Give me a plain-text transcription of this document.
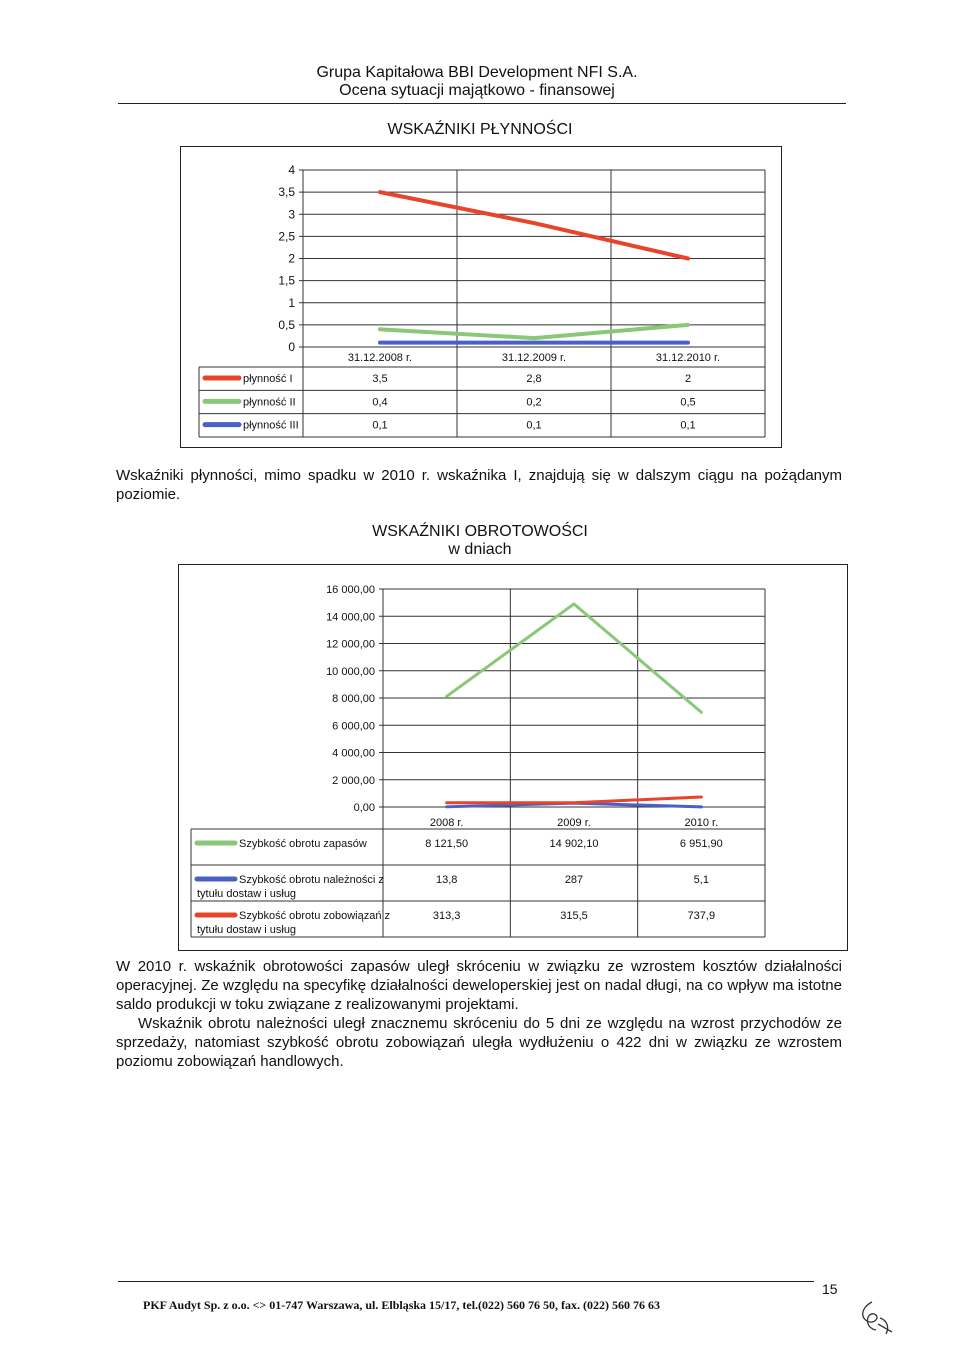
Grupa Kapitałowa BBI Development NFI S.A.
Ocena sytuacji majątkowo - finansowej
WSKAŹNIKI PŁYNNOŚCI
4
3,5
3
2,5
2
1,5
1
0,5
0
31.12.2008 r.	31.12.2009 r.	31.12.2010 r.
płynność I	3,5	2,8	2
płynność II	0,4	0,2	0,5
płynność III	0,1	0,1	0,1

Wskaźniki płynności, mimo spadku w 2010 r. wskaźnika I, znajdują się w dalszym ciągu na pożądanym poziomie.

WSKAŹNIKI OBROTOWOŚCI
w dniach
16 000,00
14 000,00
12 000,00
10 000,00
8 000,00
6 000,00
4 000,00
2 000,00
0,00
2008 r.	2009 r.	2010 r.
Szybkość obrotu zapasów	8 121,50	14 902,10	6 951,90
Szybkość obrotu należności z
tytułu dostaw i usług
13,8	287	5,1
Szybkość obrotu zobowiązań z
tytułu dostaw i usług
313,3	315,5	737,9

W 2010 r. wskaźnik obrotowości zapasów uległ skróceniu w związku ze wzrostem kosztów działalności operacyjnej. Ze względu na specyfikę działalności deweloperskiej jest on nadal długi, na co wpływ ma istotne saldo produkcji w toku związane z realizowanymi projektami.

Wskaźnik obrotu należności uległ znacznemu skróceniu do 5 dni ze względu na wzrost przychodów ze sprzedaży, natomiast szybkość obrotu zobowiązań uległa wydłużeniu o 422 dni w związku ze wzrostem poziomu zobowiązań handlowych.

15
PKF Audyt Sp. z o.o. <> 01-747 Warszawa, ul. Elbląska 15/17, tel.(022) 560 76 50, fax. (022) 560 76 63
